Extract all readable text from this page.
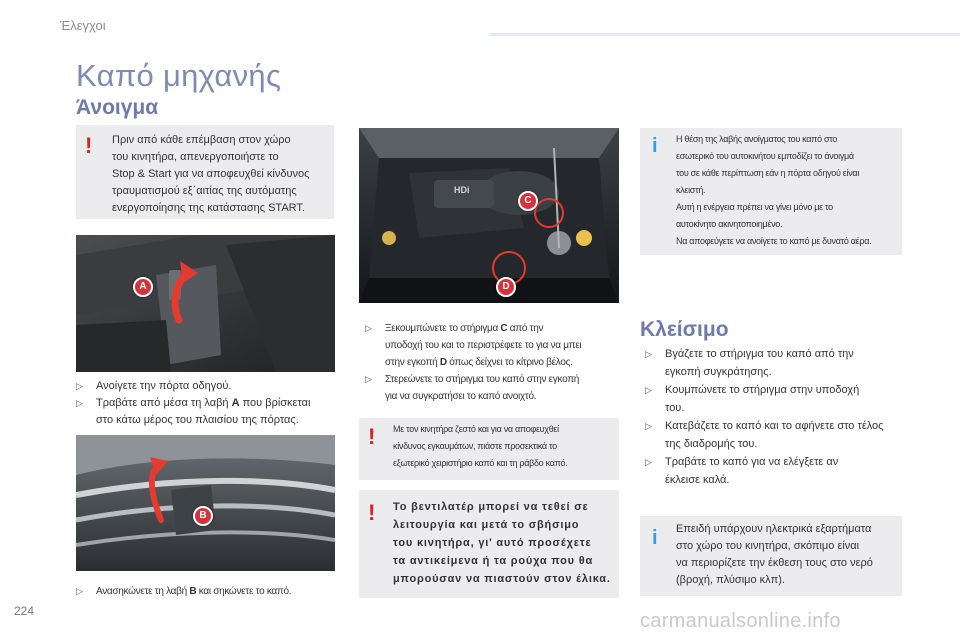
Έλεγχοι
Καπό μηχανής
Άνοιγμα
! Πριν από κάθε επέμβαση στον χώρο
του κινητήρα, απενεργοποιήστε το
Stop & Start για να αποφευχθεί κίνδυνος
τραυματισμού εξ΄αιτίας της αυτόματης
ενεργοποίησης της κατάστασης START.
A
▷ Ανοίγετε την πόρτα οδηγού.
▷ Τραβάτε από μέσα τη λαβή A που βρίσκεται
στο κάτω μέρος του πλαισίου της πόρτας.
B
▷ Ανασηκώνετε τη λαβή B και σηκώνετε το καπό.
HDi
C
D
▷ Ξεκουμπώνετε το στήριγμα C από την
υποδοχή του και το περιστρέφετε το για να μπει
στην εγκοπή D όπως δείχνει το κίτρινο βέλος.
▷ Στερεώνετε το στήριγμα του καπό στην εγκοπή
για να συγκρατήσει το καπό ανοιχτό.
! Με τον κινητήρα ζεστό και για να αποφευχθεί
κίνδυνος εγκαυμάτων, πιάστε προσεκτικά το
εξωτερικό χειριστήριο καπό και τη ράβδο καπό.
! Το βεντιλατέρ μπορεί να τεθεί σε
λειτουργία και μετά το σβήσιμο
του κινητήρα, γι' αυτό προσέχετε
τα αντικείμενα ή τα ρούχα που θα
μπορούσαν να πιαστούν στον έλικα.
i Η θέση της λαβής ανοίγματος του καπό στο
εσωτερικό του αυτοκινήτου εμποδίζει το άνοιγμά
του σε κάθε περίπτωση εάν η πόρτα οδηγού είναι
κλειστή.
Αυτή η ενέργεια πρέπει να γίνει μόνο με το
αυτοκίνητο ακινητοποιημένο.
Να αποφεύγετε να ανοίγετε το καπό με δυνατό αέρα.
Κλείσιμο
▷ Βγάζετε το στήριγμα του καπό από την
εγκοπή συγκράτησης.
▷ Κουμπώνετε το στήριγμα στην υποδοχή
του.
▷ Κατεβάζετε το καπό και το αφήνετε στο τέλος
της διαδρομής του.
▷ Τραβάτε το καπό για να ελέγξετε αν
έκλεισε καλά.
i Επειδή υπάρχουν ηλεκτρικά εξαρτήματα
στο χώρο του κινητήρα, σκόπιμο είναι
να περιορίζετε την έκθεση τους στο νερό
(βροχή, πλύσιμο κλπ).
224	carmanualsonline.info
